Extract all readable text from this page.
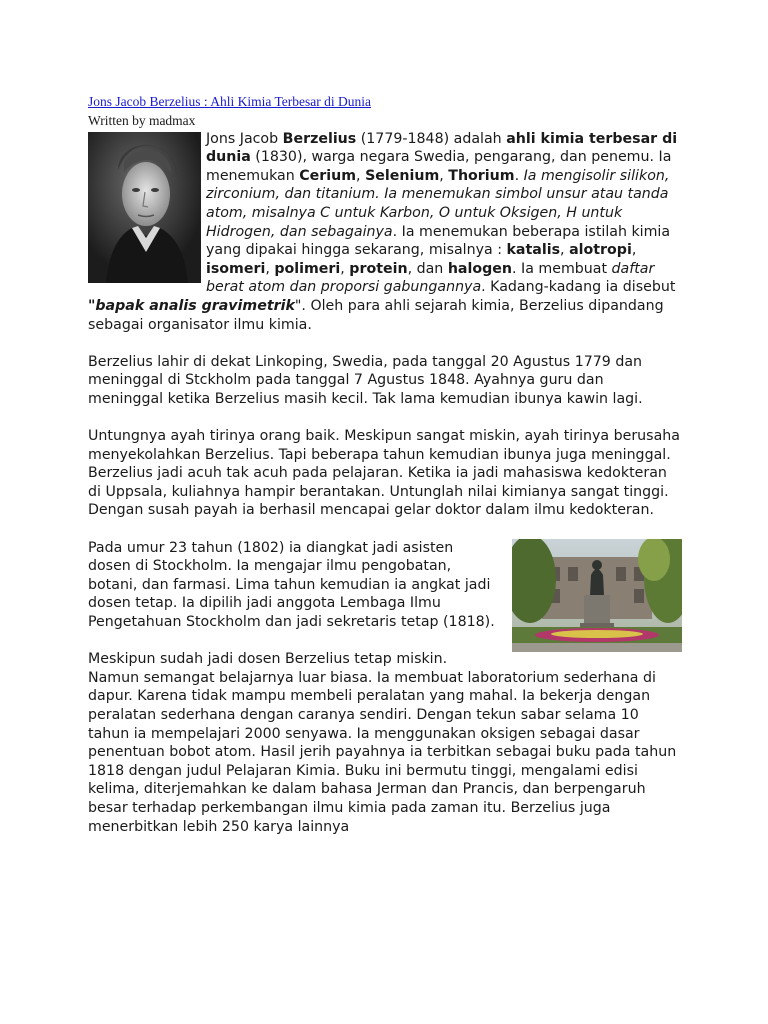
Jons Jacob Berzelius : Ahli Kimia Terbesar di Dunia
Written by madmax

Jons Jacob Berzelius (1779-1848) adalah ahli kimia terbesar di dunia (1830), warga negara Swedia, pengarang, dan penemu. Ia menemukan Cerium, Selenium, Thorium. Ia mengisolir silikon, zirconium, dan titanium. Ia menemukan simbol unsur atau tanda atom, misalnya C untuk Karbon, O untuk Oksigen, H untuk Hidrogen, dan sebagainya. Ia menemukan beberapa istilah kimia yang dipakai hingga sekarang, misalnya : katalis, alotropi, isomeri, polimeri, protein, dan halogen. Ia membuat daftar berat atom dan proporsi gabungannya. Kadang-kadang ia disebut "bapak analis gravimetrik". Oleh para ahli sejarah kimia, Berzelius dipandang sebagai organisator ilmu kimia.

Berzelius lahir di dekat Linkoping, Swedia, pada tanggal 20 Agustus 1779 dan meninggal di Stckholm pada tanggal 7 Agustus 1848. Ayahnya guru dan meninggal ketika Berzelius masih kecil. Tak lama kemudian ibunya kawin lagi.

Untungnya ayah tirinya orang baik. Meskipun sangat miskin, ayah tirinya berusaha menyekolahkan Berzelius. Tapi beberapa tahun kemudian ibunya juga meninggal. Berzelius jadi acuh tak acuh pada pelajaran. Ketika ia jadi mahasiswa kedokteran di Uppsala, kuliahnya hampir berantakan. Untunglah nilai kimianya sangat tinggi. Dengan susah payah ia berhasil mencapai gelar doktor dalam ilmu kedokteran.

Pada umur 23 tahun (1802) ia diangkat jadi asisten dosen di Stockholm. Ia mengajar ilmu pengobatan, botani, dan farmasi. Lima tahun kemudian ia angkat jadi dosen tetap. Ia dipilih jadi anggota Lembaga Ilmu Pengetahuan Stockholm dan jadi sekretaris tetap (1818).

Meskipun sudah jadi dosen Berzelius tetap miskin. Namun semangat belajarnya luar biasa. Ia membuat laboratorium sederhana di dapur. Karena tidak mampu membeli peralatan yang mahal. Ia bekerja dengan peralatan sederhana dengan caranya sendiri. Dengan tekun sabar selama 10 tahun ia mempelajari 2000 senyawa. Ia menggunakan oksigen sebagai dasar penentuan bobot atom. Hasil jerih payahnya ia terbitkan sebagai buku pada tahun 1818 dengan judul Pelajaran Kimia. Buku ini bermutu tinggi, mengalami edisi kelima, diterjemahkan ke dalam bahasa Jerman dan Prancis, dan berpengaruh besar terhadap perkembangan ilmu kimia pada zaman itu. Berzelius juga menerbitkan lebih 250 karya lainnya
